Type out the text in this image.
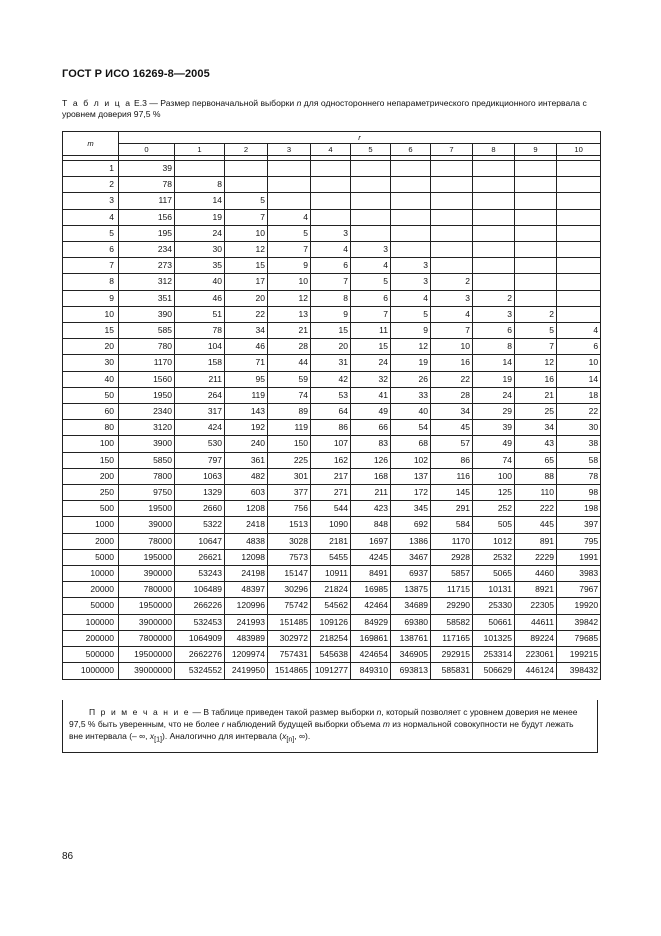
ГОСТ Р ИСО 16269-8—2005
Т а б л и ц а Е.3 — Размер первоначальной выборки n для одностороннего непараметрического предикционного интервала с уровнем доверия 97,5 %
m	r										
	0	1	2	3	4	5	6	7	8	9	10

1	39										
2	78	8									
3	117	14	5								
4	156	19	7	4							
5	195	24	10	5	3						
6	234	30	12	7	4	3					
7	273	35	15	9	6	4	3				
8	312	40	17	10	7	5	3	2			
9	351	46	20	12	8	6	4	3	2		
10	390	51	22	13	9	7	5	4	3	2	
15	585	78	34	21	15	11	9	7	6	5	4
20	780	104	46	28	20	15	12	10	8	7	6
30	1170	158	71	44	31	24	19	16	14	12	10
40	1560	211	95	59	42	32	26	22	19	16	14
50	1950	264	119	74	53	41	33	28	24	21	18
60	2340	317	143	89	64	49	40	34	29	25	22
80	3120	424	192	119	86	66	54	45	39	34	30
100	3900	530	240	150	107	83	68	57	49	43	38
150	5850	797	361	225	162	126	102	86	74	65	58
200	7800	1063	482	301	217	168	137	116	100	88	78
250	9750	1329	603	377	271	211	172	145	125	110	98
500	19500	2660	1208	756	544	423	345	291	252	222	198
1000	39000	5322	2418	1513	1090	848	692	584	505	445	397
2000	78000	10647	4838	3028	2181	1697	1386	1170	1012	891	795
5000	195000	26621	12098	7573	5455	4245	3467	2928	2532	2229	1991
10000	390000	53243	24198	15147	10911	8491	6937	5857	5065	4460	3983
20000	780000	106489	48397	30296	21824	16985	13875	11715	10131	8921	7967
50000	1950000	266226	120996	75742	54562	42464	34689	29290	25330	22305	19920
100000	3900000	532453	241993	151485	109126	84929	69380	58582	50661	44611	39842
200000	7800000	1064909	483989	302972	218254	169861	138761	117165	101325	89224	79685
500000	19500000	2662276	1209974	757431	545638	424654	346905	292915	253314	223061	199215
1000000	39000000	5324552	2419950	1514865	1091277	849310	693813	585831	506629	446124	398432
П р и м е ч а н и е — В таблице приведен такой размер выборки n, который позволяет с уровнем доверия не менее 97,5 % быть уверенным, что не более r наблюдений будущей выборки объема m из нормальной совокупности не будут лежать вне интервала (– ∞, $x_{[1]}$). Аналогично для интервала ($x_{[n]}$, ∞).
86
